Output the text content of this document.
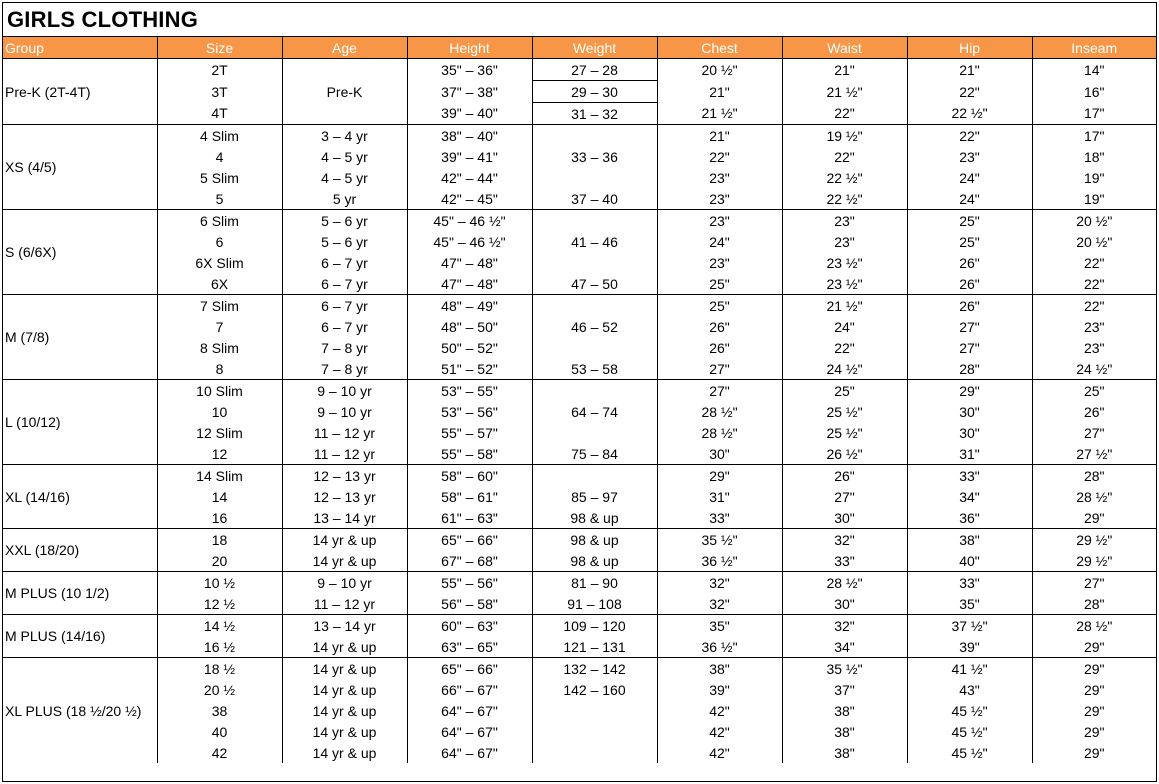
GIRLS CLOTHING
Group	Size	Age	Height	Weight	Chest	Waist	Hip	Inseam
Pre-K (2T-4T)	2T	Pre-K	35" – 36"	27 – 28	20 ½"	21"	21"	14"
	3T		37" – 38"	29 – 30	21"	21 ½"	22"	16"
	4T		39" – 40"	31 – 32	21 ½"	22"	22 ½"	17"
XS (4/5)	4 Slim	3 – 4 yr	38" – 40"		21"	19 ½"	22"	17"
	4	4 – 5 yr	39" – 41"	33 – 36	22"	22"	23"	18"
	5 Slim	4 – 5 yr	42" – 44"		23"	22 ½"	24"	19"
	5	5 yr	42" – 45"	37 – 40	23"	22 ½"	24"	19"
S (6/6X)	6 Slim	5 – 6 yr	45" – 46 ½"		23"	23"	25"	20 ½"
	6	5 – 6 yr	45" – 46 ½"	41 – 46	24"	23"	25"	20 ½"
	6X Slim	6 – 7 yr	47" – 48"		23"	23 ½"	26"	22"
	6X	6 – 7 yr	47" – 48"	47 – 50	25"	23 ½"	26"	22"
M (7/8)	7 Slim	6 – 7 yr	48" – 49"		25"	21 ½"	26"	22"
	7	6 – 7 yr	48" – 50"	46 – 52	26"	24"	27"	23"
	8 Slim	7 – 8 yr	50" – 52"		26"	22"	27"	23"
	8	7 – 8 yr	51" – 52"	53 – 58	27"	24 ½"	28"	24 ½"
L (10/12)	10 Slim	9 – 10 yr	53" – 55"		27"	25"	29"	25"
	10	9 – 10 yr	53" – 56"	64 – 74	28 ½"	25 ½"	30"	26"
	12 Slim	11 – 12 yr	55" – 57"		28 ½"	25 ½"	30"	27"
	12	11 – 12 yr	55" – 58"	75 – 84	30"	26 ½"	31"	27 ½"
XL (14/16)	14 Slim	12 – 13 yr	58" – 60"		29"	26"	33"	28"
	14	12 – 13 yr	58" – 61"	85 – 97	31"	27"	34"	28 ½"
	16	13 – 14 yr	61" – 63"	98 & up	33"	30"	36"	29"
XXL (18/20)	18	14 yr & up	65" – 66"	98 & up	35 ½"	32"	38"	29 ½"
	20	14 yr & up	67" – 68"	98 & up	36 ½"	33"	40"	29 ½"
M PLUS (10 1/2)	10 ½	9 – 10 yr	55" – 56"	81 – 90	32"	28 ½"	33"	27"
	12 ½	11 – 12 yr	56" – 58"	91 – 108	32"	30"	35"	28"
M PLUS (14/16)	14 ½	13 – 14 yr	60" – 63"	109 – 120	35"	32"	37 ½"	28 ½"
	16 ½	14 yr & up	63" – 65"	121 – 131	36 ½"	34"	39"	29"
XL PLUS (18 ½/20 ½)	18 ½	14 yr & up	65" – 66"	132 – 142	38"	35 ½"	41 ½"	29"
	20 ½	14 yr & up	66" – 67"	142 – 160	39"	37"	43"	29"
	38	14 yr & up	64" – 67"		42"	38"	45 ½"	29"
	40	14 yr & up	64" – 67"		42"	38"	45 ½"	29"
	42	14 yr & up	64" – 67"		42"	38"	45 ½"	29"
